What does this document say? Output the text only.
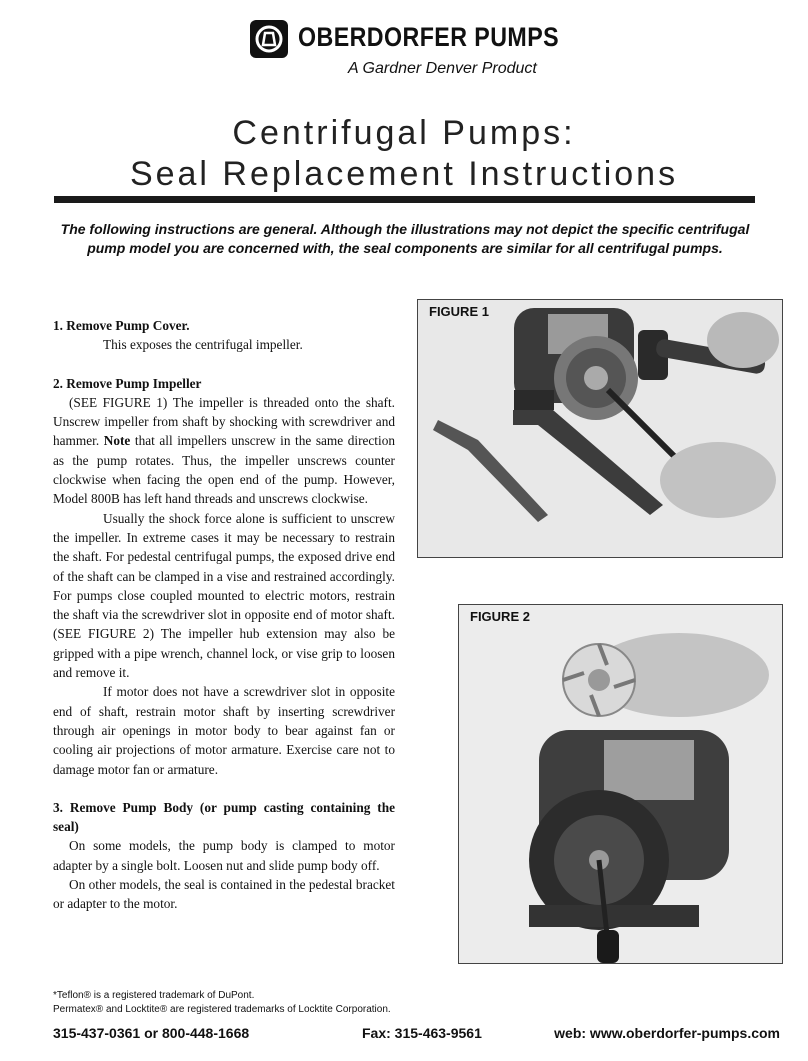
OBERDORFER PUMPS
A Gardner Denver Product
Centrifugal Pumps:
Seal Replacement Instructions
The following instructions are general. Although the illustrations may not depict the specific centrifugal pump model you are concerned with, the seal components are similar for all centrifugal pumps.

1. Remove Pump Cover.

This exposes the centrifugal impeller.

2. Remove Pump Impeller

(SEE FIGURE 1) The impeller is threaded onto the shaft. Unscrew impeller from shaft by shocking with screwdriver and hammer. Note that all impellers unscrew in the same direction as the pump rotates. Thus, the impeller unscrews counter clockwise when facing the open end of the pump. However, Model 800B has left hand threads and unscrews clockwise.

Usually the shock force alone is sufficient to unscrew the impeller. In extreme cases it may be necessary to restrain the shaft. For pedestal centrifugal pumps, the exposed drive end of the shaft can be clamped in a vise and restrained accordingly. For pumps close coupled mounted to electric motors, restrain the shaft via the screwdriver slot in opposite end of motor shaft. (SEE FIGURE 2) The impeller hub extension may also be gripped with a pipe wrench, channel lock, or vise grip to loosen and remove it.

If motor does not have a screwdriver slot in opposite end of shaft, restrain motor shaft by inserting screwdriver through air openings in motor body to bear against fan or cooling air projections of motor armature. Exercise care not to damage motor fan or armature.

3. Remove Pump Body (or pump casting containing the seal)

On some models, the pump body is clamped to motor adapter by a single bolt. Loosen nut and slide pump body off.

On other models, the seal is contained in the pedestal bracket or adapter to the motor.

FIGURE 1
FIGURE 2
*Teflon® is a registered trademark of DuPont.
Permatex® and Locktite® are registered trademarks of Locktite Corporation.
315-437-0361 or 800-448-1668	Fax: 315-463-9561	web: www.oberdorfer-pumps.com
